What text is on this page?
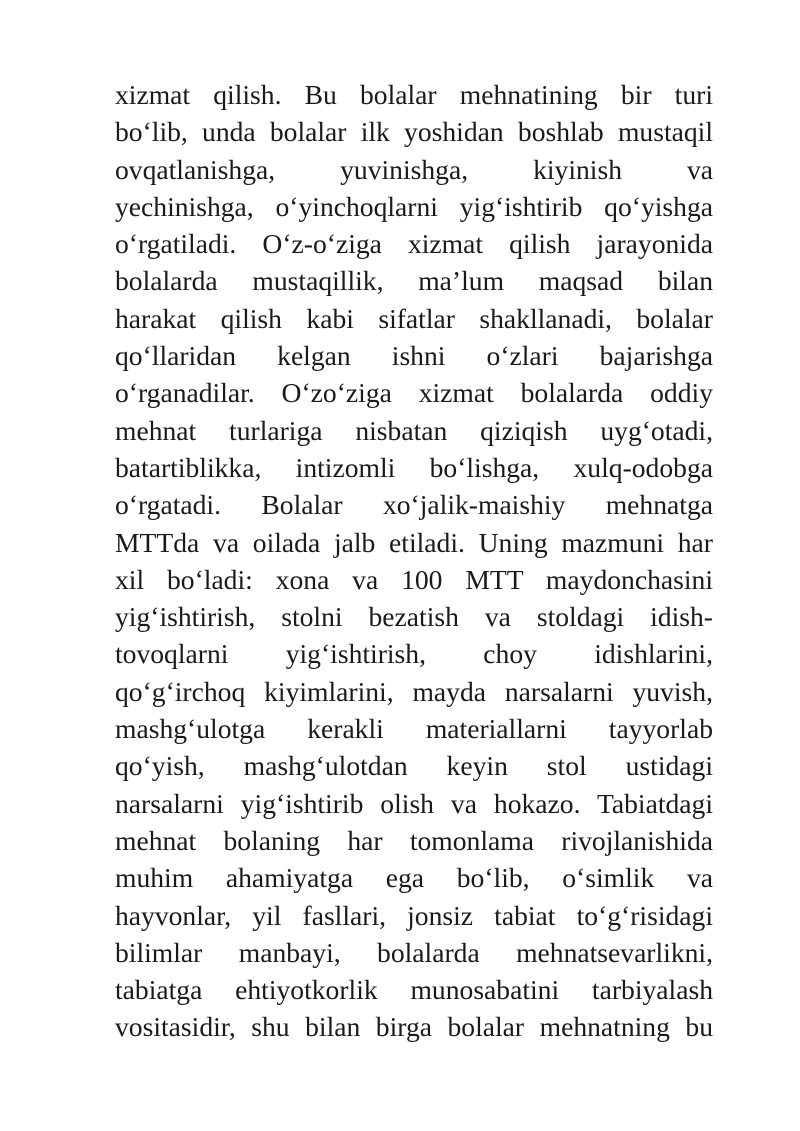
xizmat qilish. Bu bolalar mehnatining bir turi
bo‘lib, unda bolalar ilk yoshidan boshlab mustaqil
ovqatlanishga, yuvinishga, kiyinish va
yechinishga, o‘yinchoqlarni yig‘ishtirib qo‘yishga
o‘rgatiladi. O‘z-o‘ziga xizmat qilish jarayonida
bolalarda mustaqillik, ma’lum maqsad bilan
harakat qilish kabi sifatlar shakllanadi, bolalar
qo‘llaridan kelgan ishni o‘zlari bajarishga
o‘rganadilar. O‘zo‘ziga xizmat bolalarda oddiy
mehnat turlariga nisbatan qiziqish uyg‘otadi,
batartiblikka, intizomli bo‘lishga, xulq-odobga
o‘rgatadi. Bolalar xo‘jalik-maishiy mehnatga
MTTda va oilada jalb etiladi. Uning mazmuni har
xil bo‘ladi: xona va 100 MTT maydonchasini
yig‘ishtirish, stolni bezatish va stoldagi idish-
tovoqlarni yig‘ishtirish, choy idishlarini,
qo‘g‘irchoq kiyimlarini, mayda narsalarni yuvish,
mashg‘ulotga kerakli materiallarni tayyorlab
qo‘yish, mashg‘ulotdan keyin stol ustidagi
narsalarni yig‘ishtirib olish va hokazo. Tabiatdagi
mehnat bolaning har tomonlama rivojlanishida
muhim ahamiyatga ega bo‘lib, o‘simlik va
hayvonlar, yil fasllari, jonsiz tabiat to‘g‘risidagi
bilimlar manbayi, bolalarda mehnatsevarlikni,
tabiatga ehtiyotkorlik munosabatini tarbiyalash
vositasidir, shu bilan birga bolalar mehnatning bu
